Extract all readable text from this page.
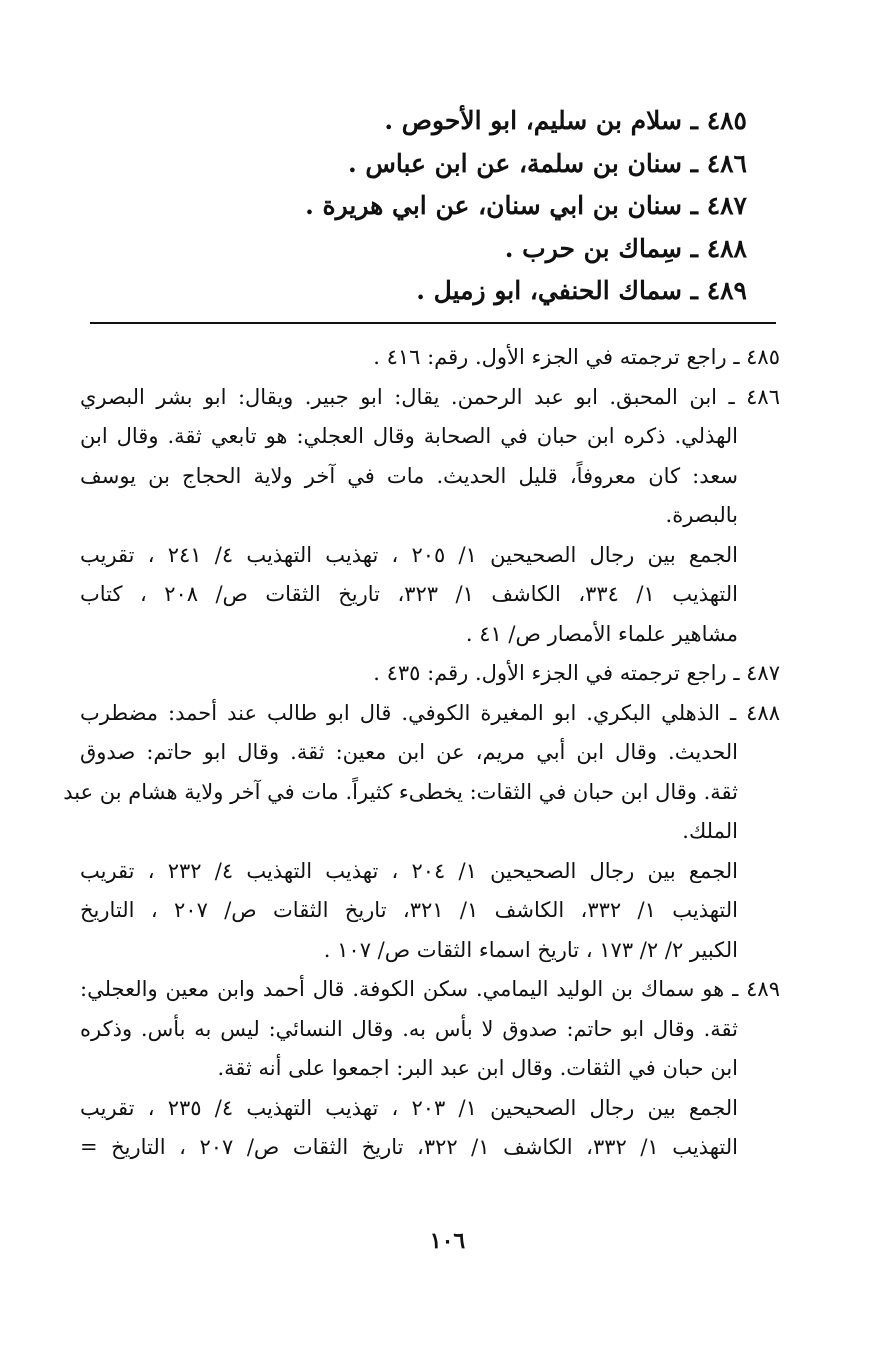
٤٨٥ ـ سلام بن سليم، ابو الأحوص .
٤٨٦ ـ سنان بن سلمة، عن ابن عباس .
٤٨٧ ـ سنان بن ابي سنان، عن ابي هريرة .
٤٨٨ ـ سِماك بن حرب .
٤٨٩ ـ سماك الحنفي، ابو زميل .
٤٨٥ ـ راجع ترجمته في الجزء الأول. رقم: ٤١٦ .
٤٨٦ ـ ابن المحبق. ابو عبد الرحمن. يقال: ابو جبير. ويقال: ابو بشر البصري
الهذلي. ذكره ابن حبان في الصحابة وقال العجلي: هو تابعي ثقة. وقال ابن
سعد: كان معروفاً، قليل الحديث. مات في آخر ولاية الحجاج بن يوسف
بالبصرة.
الجمع بين رجال الصحيحين ١/ ٢٠٥ ، تهذيب التهذيب ٤/ ٢٤١ ، تقريب
التهذيب ١/ ٣٣٤، الكاشف ١/ ٣٢٣، تاريخ الثقات ص/ ٢٠٨ ، كتاب
مشاهير علماء الأمصار ص/ ٤١ .
٤٨٧ ـ راجع ترجمته في الجزء الأول. رقم: ٤٣٥ .
٤٨٨ ـ الذهلي البكري. ابو المغيرة الكوفي. قال ابو طالب عند أحمد: مضطرب
الحديث. وقال ابن أبي مريم، عن ابن معين: ثقة. وقال ابو حاتم: صدوق
ثقة. وقال ابن حبان في الثقات: يخطىء كثيراً. مات في آخر ولاية هشام بن عبد
الملك.
الجمع بين رجال الصحيحين ١/ ٢٠٤ ، تهذيب التهذيب ٤/ ٢٣٢ ، تقريب
التهذيب ١/ ٣٣٢، الكاشف ١/ ٣٢١، تاريخ الثقات ص/ ٢٠٧ ، التاريخ
الكبير ٢/ ٢/ ١٧٣ ، تاريخ اسماء الثقات ص/ ١٠٧ .
٤٨٩ ـ هو سماك بن الوليد اليمامي. سكن الكوفة. قال أحمد وابن معين والعجلي:
ثقة. وقال ابو حاتم: صدوق لا بأس به. وقال النسائي: ليس به بأس. وذكره
ابن حبان في الثقات. وقال ابن عبد البر: اجمعوا على أنه ثقة.
الجمع بين رجال الصحيحين ١/ ٢٠٣ ، تهذيب التهذيب ٤/ ٢٣٥ ، تقريب
التهذيب ١/ ٣٣٢، الكاشف ١/ ٣٢٢، تاريخ الثقات ص/ ٢٠٧ ، التاريخ =
١٠٦
